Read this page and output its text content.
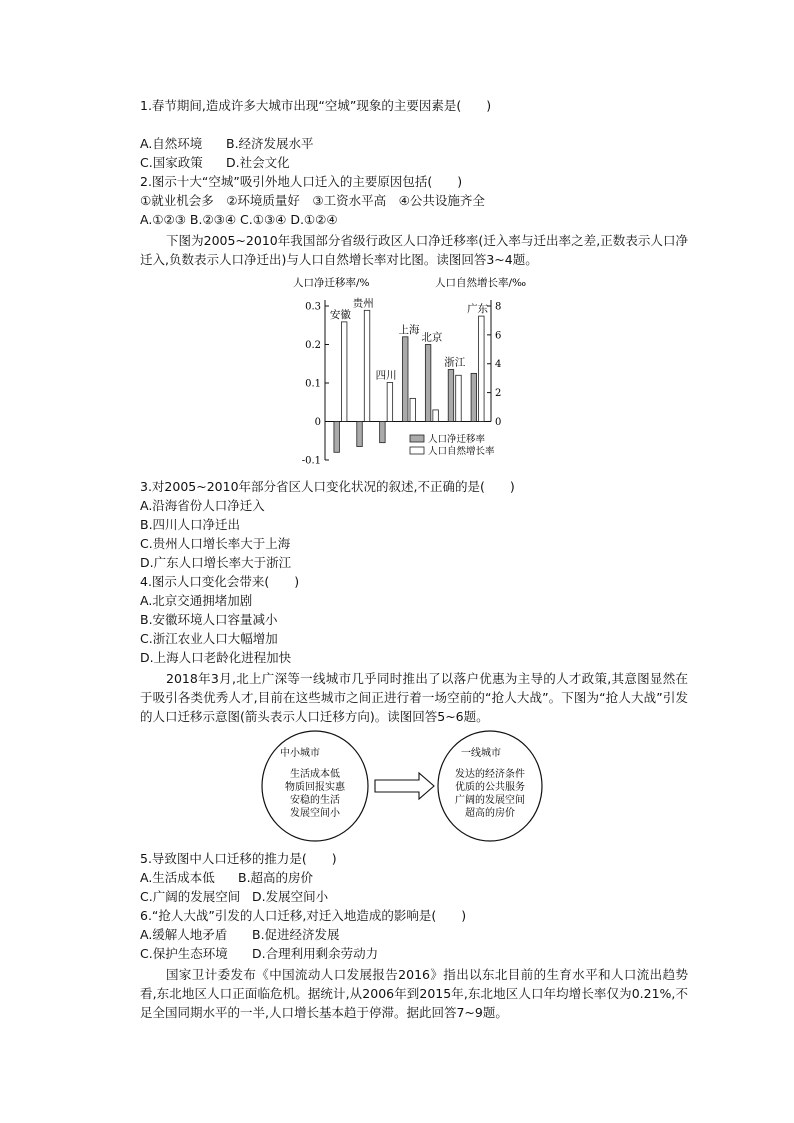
1.春节期间,造成许多大城市出现“空城”现象的主要因素是(　　)
A.自然环境 B.经济发展水平
C.国家政策 D.社会文化
2.图示十大“空城”吸引外地人口迁入的主要原因包括(　　)
①就业机会多　②环境质量好　③工资水平高　④公共设施齐全
A.①②③ B.②③④ C.①③④ D.①②④
下图为2005~2010年我国部分省级行政区人口净迁移率(迁入率与迁出率之差,正数表示人口净迁入,负数表示人口净迁出)与人口自然增长率对比图。读图回答3~4题。
人口净迁移率/%	人口自然增长率/‰
0.3
0.2
0.1
0
-0.1
8
6
4
2
0
安徽
贵州
四川
上海
北京
浙江
广东
人口净迁移率
人口自然增长率
3.对2005~2010年部分省区人口变化状况的叙述,不正确的是(　　)
A.沿海省份人口净迁入
B.四川人口净迁出
C.贵州人口增长率大于上海
D.广东人口增长率大于浙江
4.图示人口变化会带来(　　)
A.北京交通拥堵加剧
B.安徽环境人口容量减小
C.浙江农业人口大幅增加
D.上海人口老龄化进程加快
2018年3月,北上广深等一线城市几乎同时推出了以落户优惠为主导的人才政策,其意图显然在于吸引各类优秀人才,目前在这些城市之间正进行着一场空前的“抢人大战”。下图为“抢人大战”引发的人口迁移示意图(箭头表示人口迁移方向)。读图回答5~6题。
中小城市
生活成本低
物质回报实惠
安稳的生活
发展空间小
一线城市
发达的经济条件
优质的公共服务
广阔的发展空间
超高的房价
5.导致图中人口迁移的推力是(　　)
A.生活成本低 B.超高的房价
C.广阔的发展空间 D.发展空间小
6.“抢人大战”引发的人口迁移,对迁入地造成的影响是(　　)
A.缓解人地矛盾 B.促进经济发展
C.保护生态环境 D.合理利用剩余劳动力
国家卫计委发布《中国流动人口发展报告2016》指出以东北目前的生育水平和人口流出趋势看,东北地区人口正面临危机。据统计,从2006年到2015年,东北地区人口年均增长率仅为0.21%,不足全国同期水平的一半,人口增长基本趋于停滞。据此回答7~9题。
